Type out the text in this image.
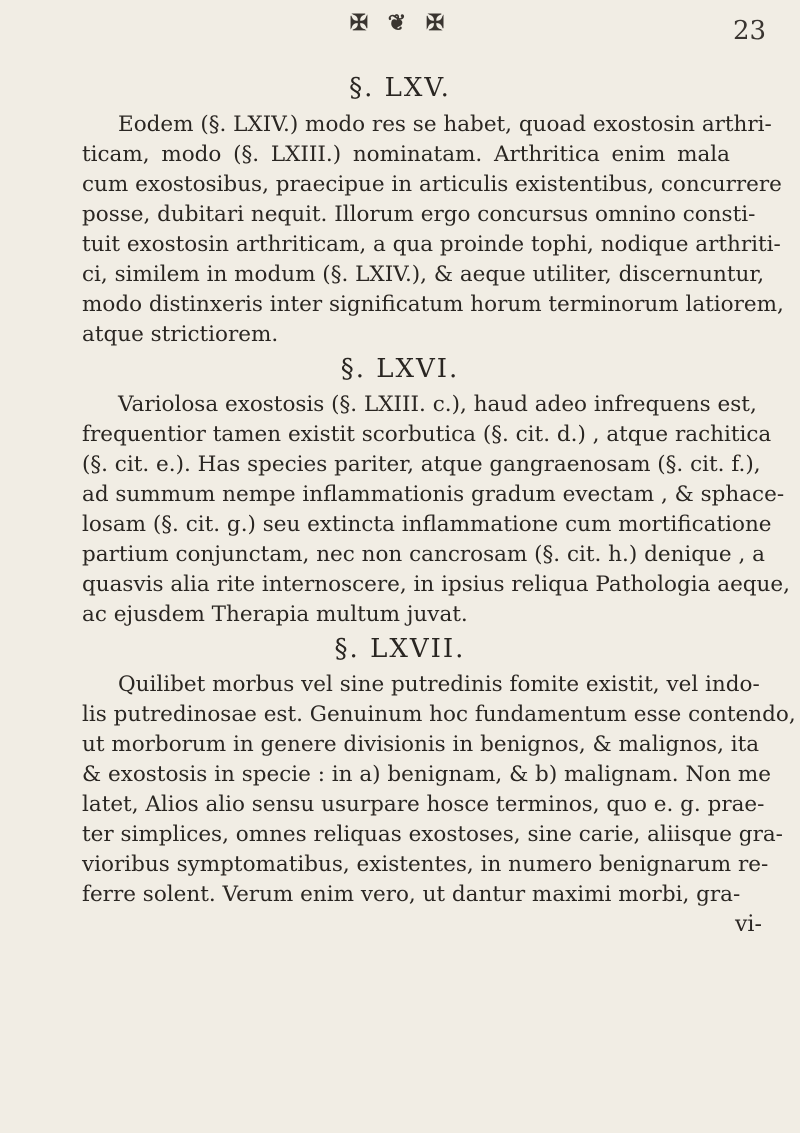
✠ ❦ ✠	23
§. LXV.
Eodem (§. LXIV.) modo res se habet, quoad exostosin arthri-
ticam, modo (§. LXIII.) nominatam. Arthritica enim mala
cum exostosibus, praecipue in articulis existentibus, concurrere
posse, dubitari nequit. Illorum ergo concursus omnino consti-
tuit exostosin arthriticam, a qua proinde tophi, nodique arthriti-
ci, similem in modum (§. LXIV.), & aeque utiliter, discernuntur,
modo distinxeris inter significatum horum terminorum latiorem,
atque strictiorem.
§. LXVI.
Variolosa exostosis (§. LXIII. c.), haud adeo infrequens est,
frequentior tamen existit scorbutica (§. cit. d.) , atque rachitica
(§. cit. e.). Has species pariter, atque gangraenosam (§. cit. f.),
ad summum nempe inflammationis gradum evectam , & sphace-
losam (§. cit. g.) seu extincta inflammatione cum mortificatione
partium conjunctam, nec non cancrosam (§. cit. h.) denique , a
quasvis alia rite internoscere, in ipsius reliqua Pathologia aeque,
ac ejusdem Therapia multum juvat.
§. LXVII.
Quilibet morbus vel sine putredinis fomite existit, vel indo-
lis putredinosae est. Genuinum hoc fundamentum esse contendo,
ut morborum in genere divisionis in benignos, & malignos, ita
& exostosis in specie : in a) benignam, & b) malignam. Non me
latet, Alios alio sensu usurpare hosce terminos, quo e. g. prae-
ter simplices, omnes reliquas exostoses, sine carie, aliisque gra-
vioribus symptomatibus, existentes, in numero benignarum re-
ferre solent. Verum enim vero, ut dantur maximi morbi, gra-
vi-
